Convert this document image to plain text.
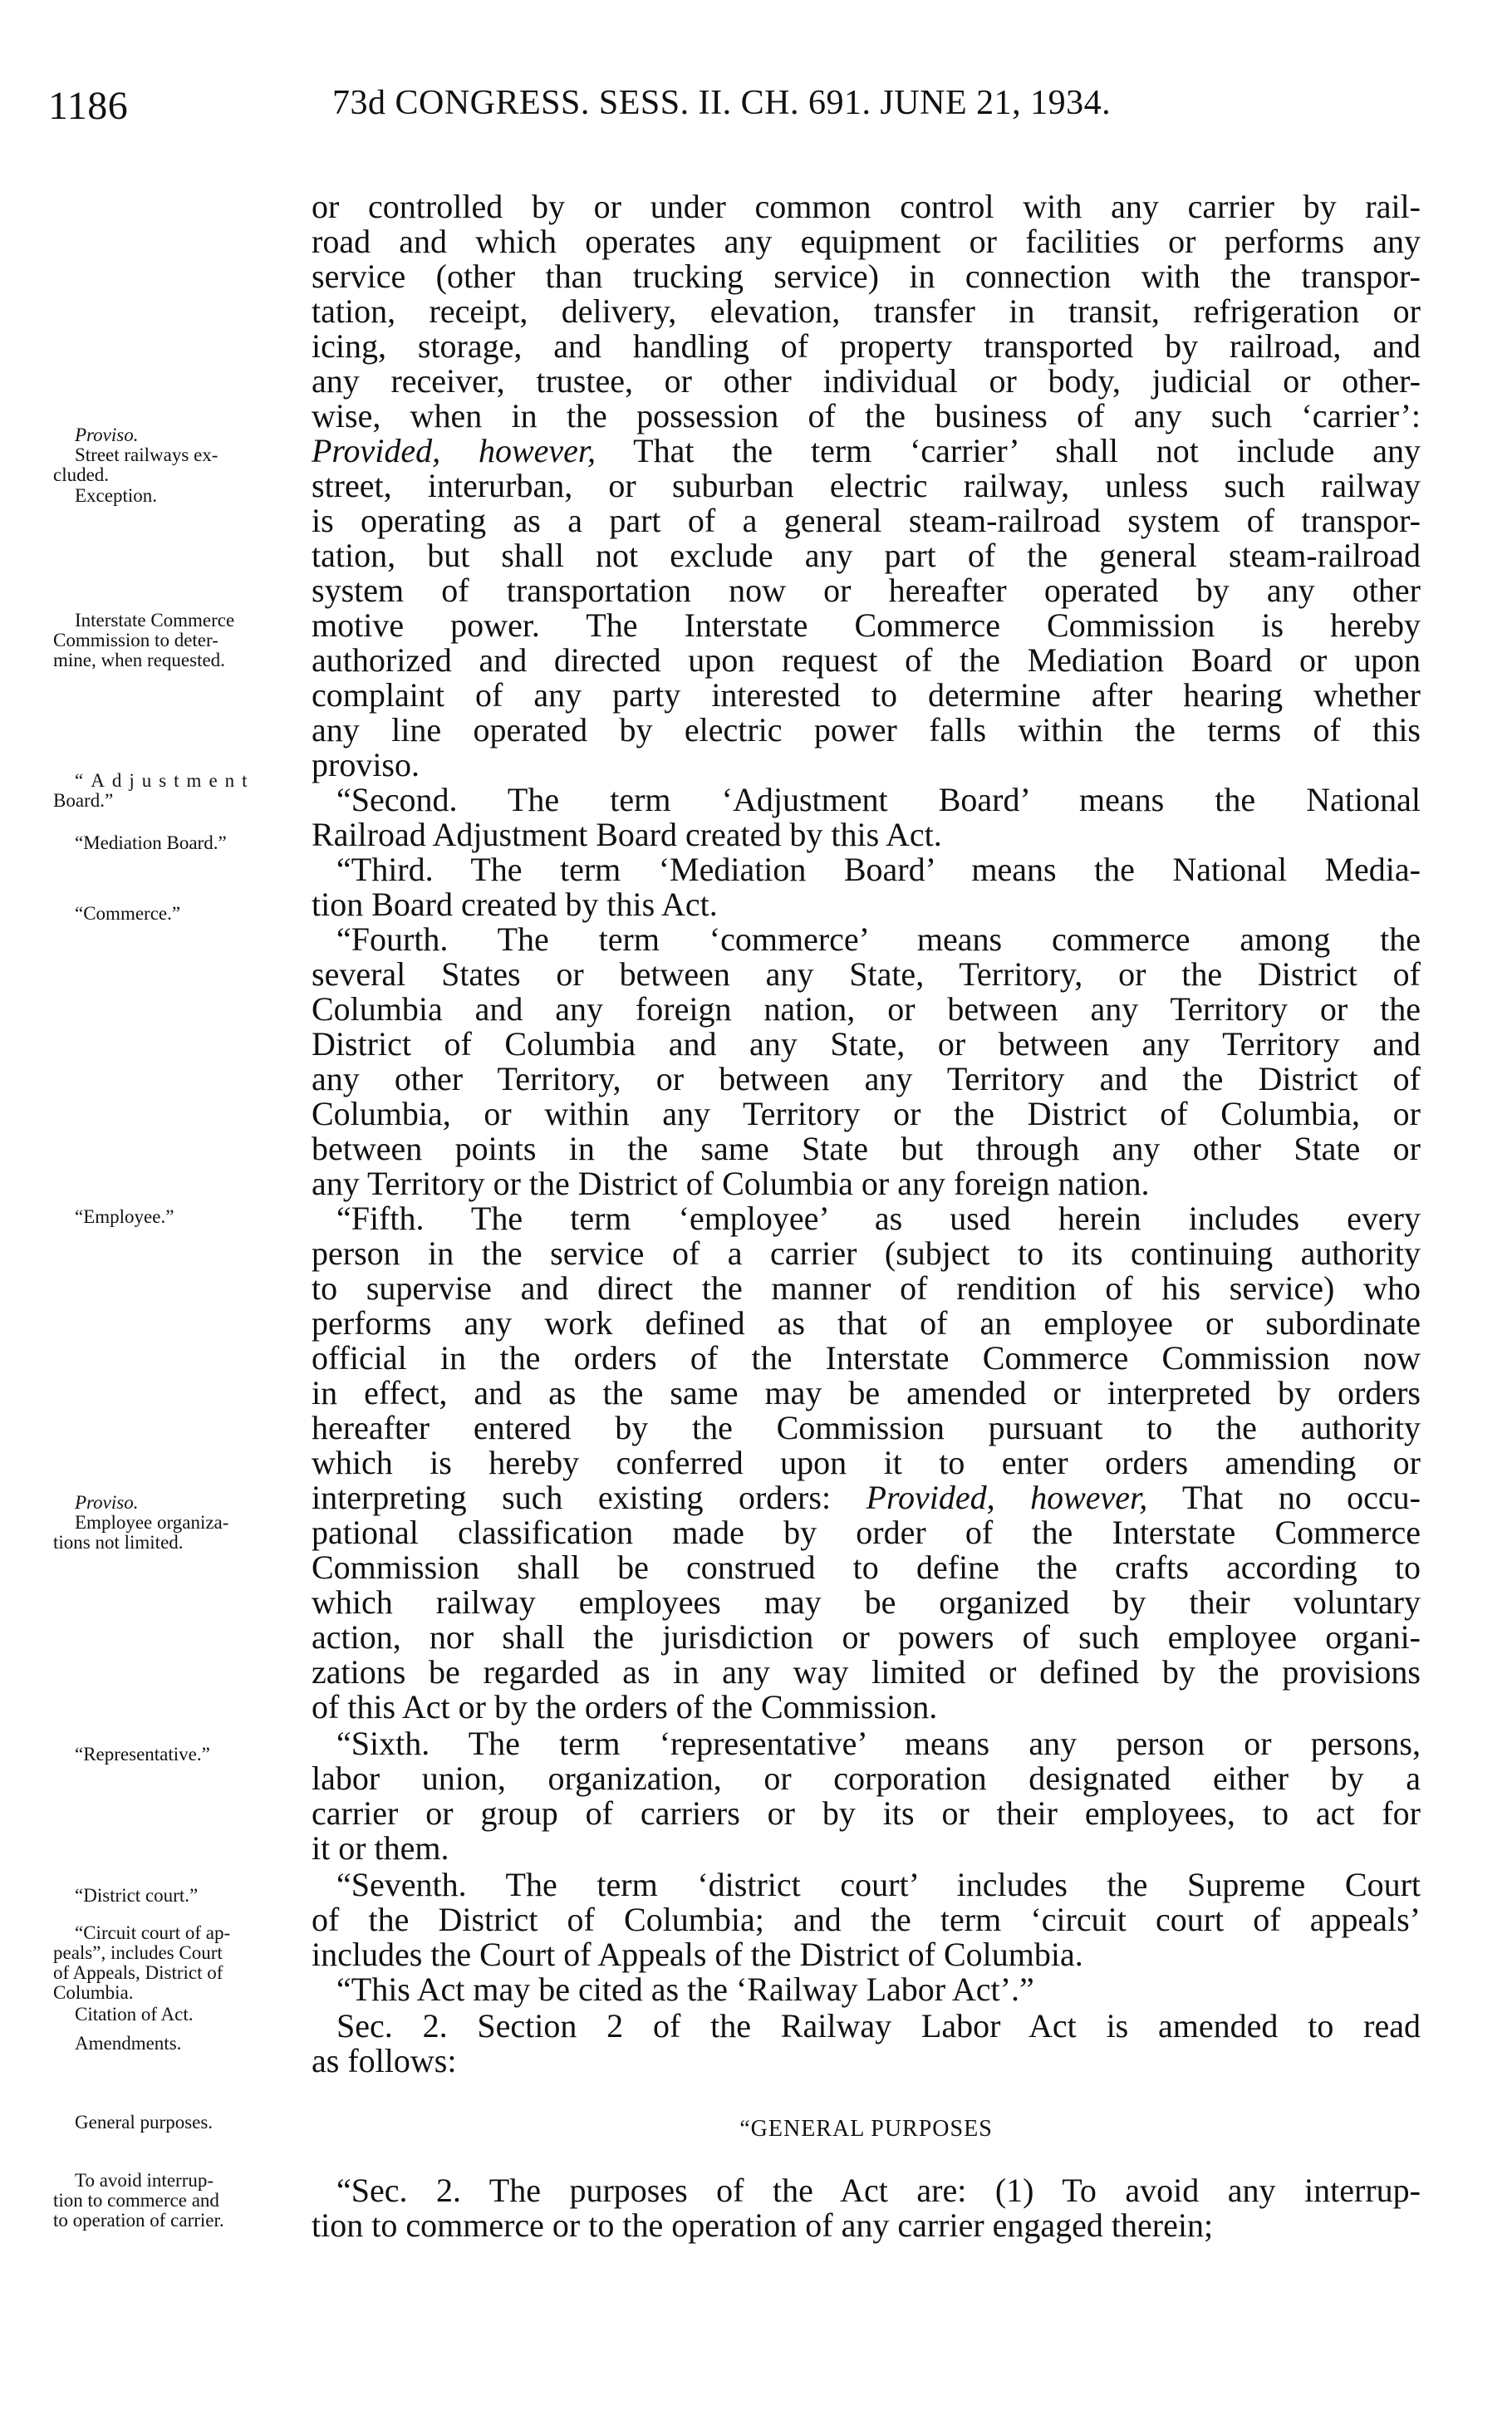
1186	73d CONGRESS. SESS. II. CH. 691. JUNE 21, 1934.
Proviso.
Street railways ex-
cluded.
Exception.
Interstate Commerce
Commission to deter-
mine, when requested.
“Adjustment
Board.”
“Mediation Board.”
“Commerce.”
“Employee.”
Proviso.
Employee organiza-
tions not limited.
“Representative.”
“District court.”
“Circuit court of ap-
peals”, includes Court
of Appeals, District of
Columbia.
Citation of Act.
Amendments.
General purposes.
To avoid interrup-
tion to commerce and
to operation of carrier.
or controlled by or under common control with any carrier by rail-
road and which operates any equipment or facilities or performs any
service (other than trucking service) in connection with the transpor-
tation, receipt, delivery, elevation, transfer in transit, refrigeration or
icing, storage, and handling of property transported by railroad, and
any receiver, trustee, or other individual or body, judicial or other-
wise, when in the possession of the business of any such ‘carrier’:
Provided, however, That the term ‘carrier’ shall not include any
street, interurban, or suburban electric railway, unless such railway
is operating as a part of a general steam-railroad system of transpor-
tation, but shall not exclude any part of the general steam-railroad
system of transportation now or hereafter operated by any other
motive power. The Interstate Commerce Commission is hereby
authorized and directed upon request of the Mediation Board or upon
complaint of any party interested to determine after hearing whether
any line operated by electric power falls within the terms of this
proviso.
“Second. The term ‘Adjustment Board’ means the National
Railroad Adjustment Board created by this Act.
“Third. The term ‘Mediation Board’ means the National Media-
tion Board created by this Act.
“Fourth. The term ‘commerce’ means commerce among the
several States or between any State, Territory, or the District of
Columbia and any foreign nation, or between any Territory or the
District of Columbia and any State, or between any Territory and
any other Territory, or between any Territory and the District of
Columbia, or within any Territory or the District of Columbia, or
between points in the same State but through any other State or
any Territory or the District of Columbia or any foreign nation.
“Fifth. The term ‘employee’ as used herein includes every
person in the service of a carrier (subject to its continuing authority
to supervise and direct the manner of rendition of his service) who
performs any work defined as that of an employee or subordinate
official in the orders of the Interstate Commerce Commission now
in effect, and as the same may be amended or interpreted by orders
hereafter entered by the Commission pursuant to the authority
which is hereby conferred upon it to enter orders amending or
interpreting such existing orders: Provided, however, That no occu-
pational classification made by order of the Interstate Commerce
Commission shall be construed to define the crafts according to
which railway employees may be organized by their voluntary
action, nor shall the jurisdiction or powers of such employee organi-
zations be regarded as in any way limited or defined by the provisions
of this Act or by the orders of the Commission.
“Sixth. The term ‘representative’ means any person or persons,
labor union, organization, or corporation designated either by a
carrier or group of carriers or by its or their employees, to act for
it or them.
“Seventh. The term ‘district court’ includes the Supreme Court
of the District of Columbia; and the term ‘circuit court of appeals’
includes the Court of Appeals of the District of Columbia.
“This Act may be cited as the ‘Railway Labor Act’.”
Sec. 2. Section 2 of the Railway Labor Act is amended to read
as follows:
“GENERAL PURPOSES
“Sec. 2. The purposes of the Act are: (1) To avoid any interrup-
tion to commerce or to the operation of any carrier engaged therein;
